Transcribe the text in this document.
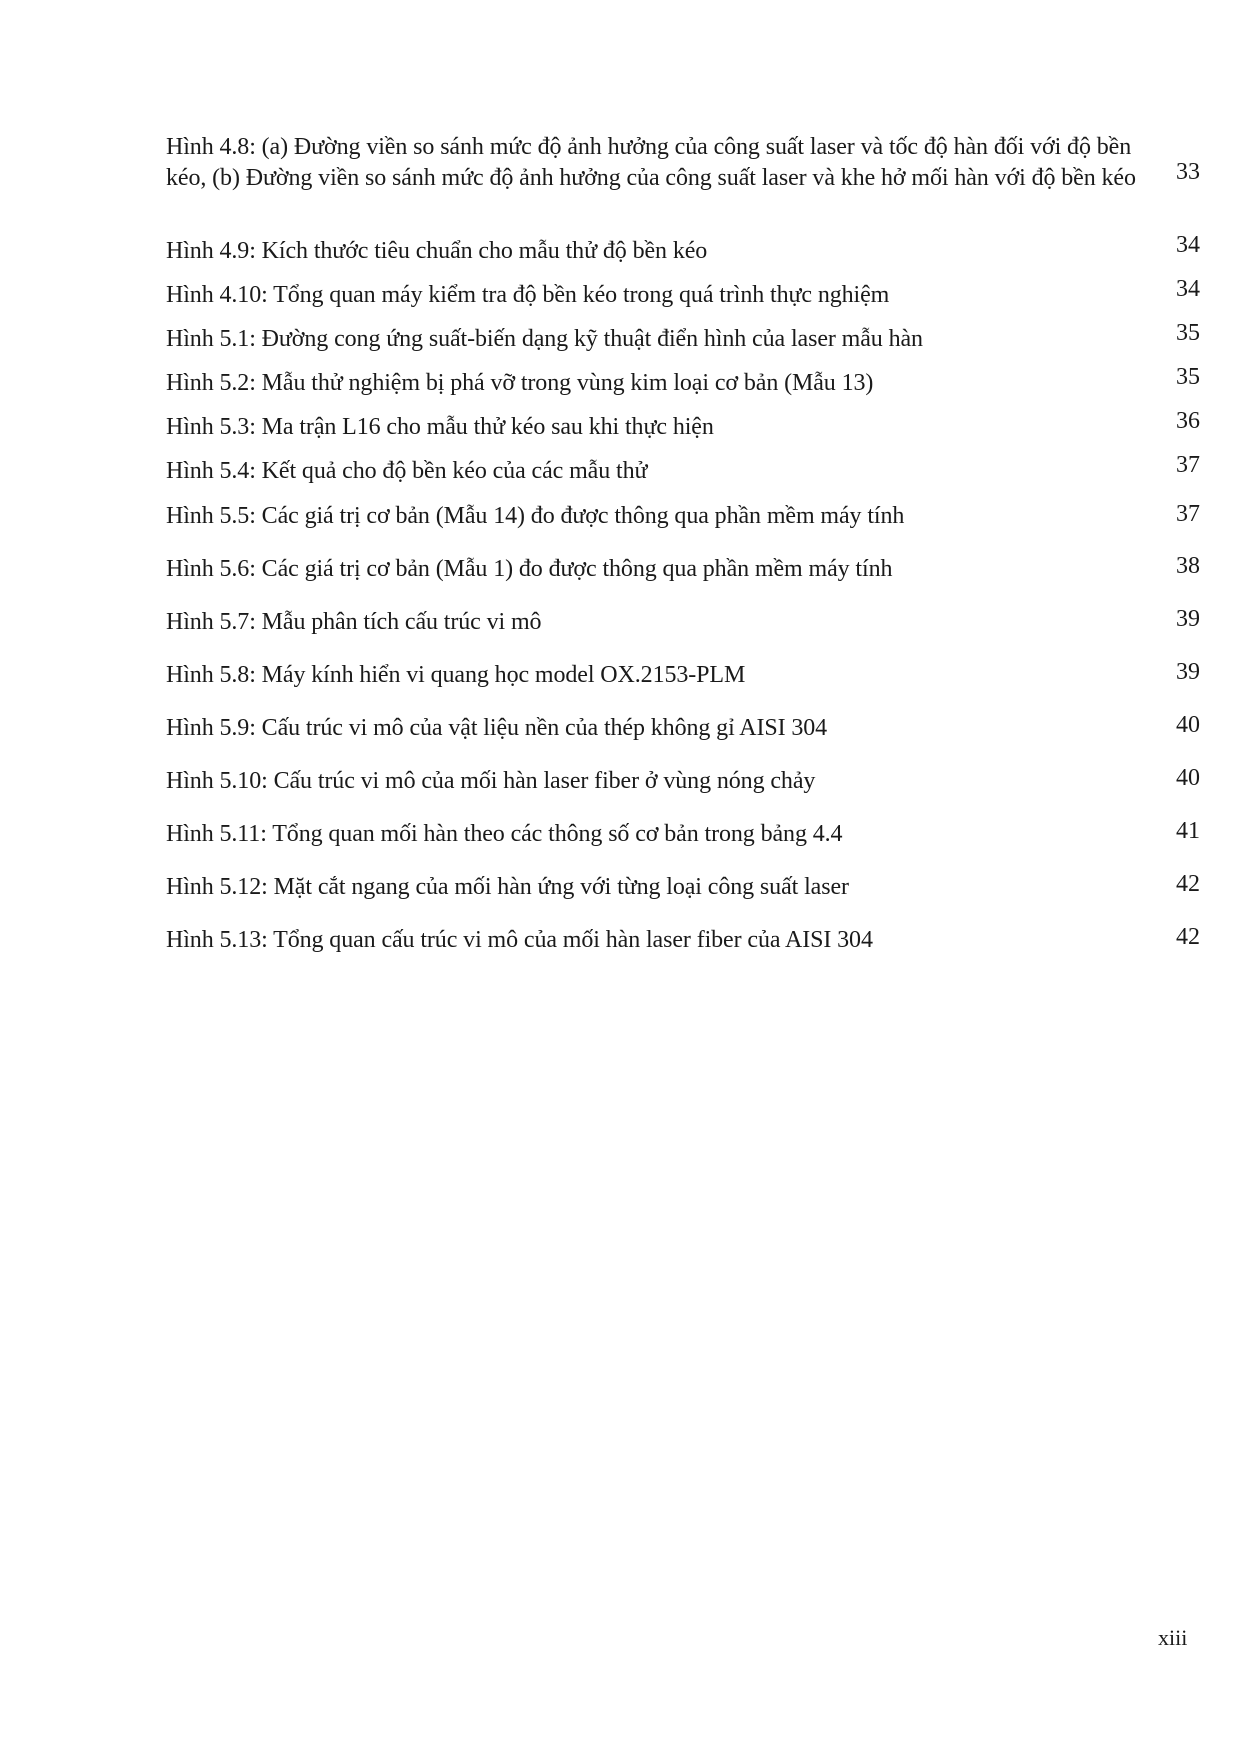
Hình 4.8: (a) Đường viền so sánh mức độ ảnh hưởng của công suất laser và tốc độ hàn đối với độ bền kéo, (b) Đường viền so sánh mức độ ảnh hưởng của công suất laser và khe hở mối hàn với độ bền kéo	33
Hình 4.9: Kích thước tiêu chuẩn cho mẫu thử độ bền kéo	34
Hình 4.10: Tổng quan máy kiểm tra độ bền kéo trong quá trình thực nghiệm	34
Hình 5.1: Đường cong ứng suất-biến dạng kỹ thuật điển hình của laser mẫu hàn	35
Hình 5.2: Mẫu thử nghiệm bị phá vỡ trong vùng kim loại cơ bản (Mẫu 13)	35
Hình 5.3: Ma trận L16 cho mẫu thử kéo sau khi thực hiện	36
Hình 5.4: Kết quả cho độ bền kéo của các mẫu thử	37
Hình 5.5: Các giá trị cơ bản (Mẫu 14) đo được thông qua phần mềm máy tính	37
Hình 5.6: Các giá trị cơ bản (Mẫu 1) đo được thông qua phần mềm máy tính	38
Hình 5.7: Mẫu phân tích cấu trúc vi mô	39
Hình 5.8: Máy kính hiển vi quang học model OX.2153-PLM	39
Hình 5.9: Cấu trúc vi mô của vật liệu nền của thép không gỉ AISI 304	40
Hình 5.10: Cấu trúc vi mô của mối hàn laser fiber ở vùng nóng chảy	40
Hình 5.11: Tổng quan mối hàn theo các thông số cơ bản trong bảng 4.4	41
Hình 5.12: Mặt cắt ngang của mối hàn ứng với từng loại công suất laser	42
Hình 5.13: Tổng quan cấu trúc vi mô của mối hàn laser fiber của AISI 304	42
xiii
